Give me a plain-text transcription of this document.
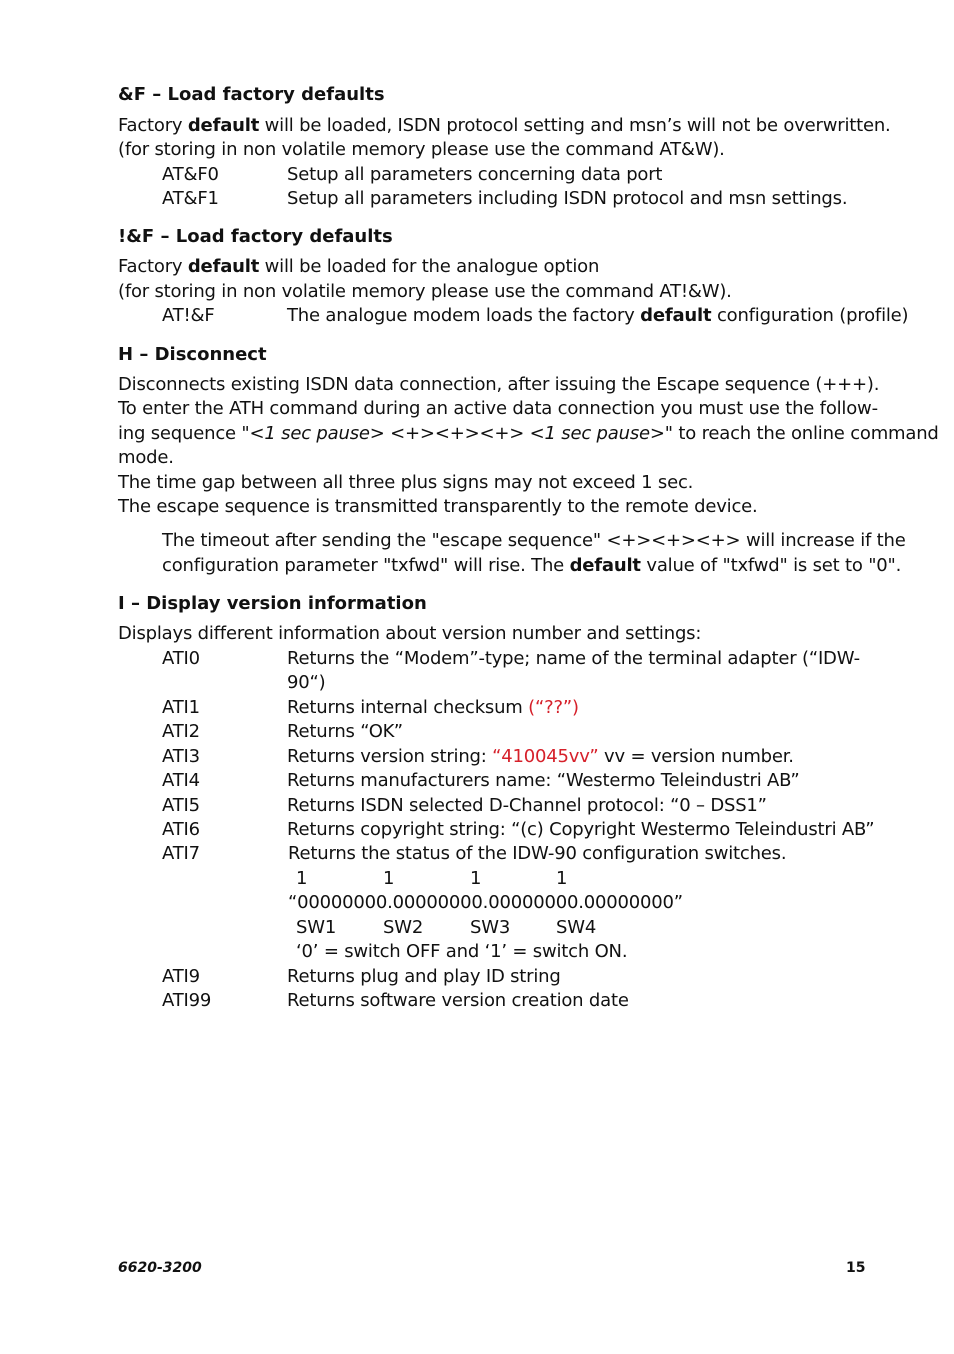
&F – Load factory defaults
Factory default will be loaded, ISDN protocol setting and msn’s will not be overwritten.
(for storing in non volatile memory please use the command AT&W).
AT&F0	Setup all parameters concerning data port
AT&F1	Setup all parameters including ISDN protocol and msn settings.
!&F – Load factory defaults
Factory default will be loaded for the analogue option
(for storing in non volatile memory please use the command AT!&W).
AT!&F	The analogue modem loads the factory default configuration (profile)
H – Disconnect
Disconnects existing ISDN data connection, after issuing the Escape sequence (+++).
To enter the ATH command during an active data connection you must use the follow-
ing sequence "<1 sec pause> <+><+><+> <1 sec pause>" to reach the online command
mode.
The time gap between all three plus signs may not exceed 1 sec.
The escape sequence is transmitted transparently to the remote device.
The timeout after sending the "escape sequence" <+><+><+> will increase if the
configuration parameter "txfwd" will rise. The default value of "txfwd" is set to "0".
I – Display version information
Displays different information about version number and settings:
ATI0	Returns the “Modem”-type; name of the terminal adapter (“IDW-
90“)
ATI1	Returns internal checksum (“??”)
ATI2	Returns “OK”
ATI3	Returns version string: “410045vv” vv = version number.
ATI4	Returns manufacturers name: “Westermo Teleindustri AB”
ATI5	Returns ISDN selected D-Channel protocol: “0 – DSS1”
ATI6	Returns copyright string: “(c) Copyright Westermo Teleindustri AB”
ATI7	Returns the status of the IDW-90 configuration switches.
1	1	1	1
“00000000.00000000.00000000.00000000”
SW1	SW2	SW3	SW4
‘0’ = switch OFF and ‘1’ = switch ON.
ATI9	Returns plug and play ID string
ATI99	Returns software version creation date
6620-3200	15
